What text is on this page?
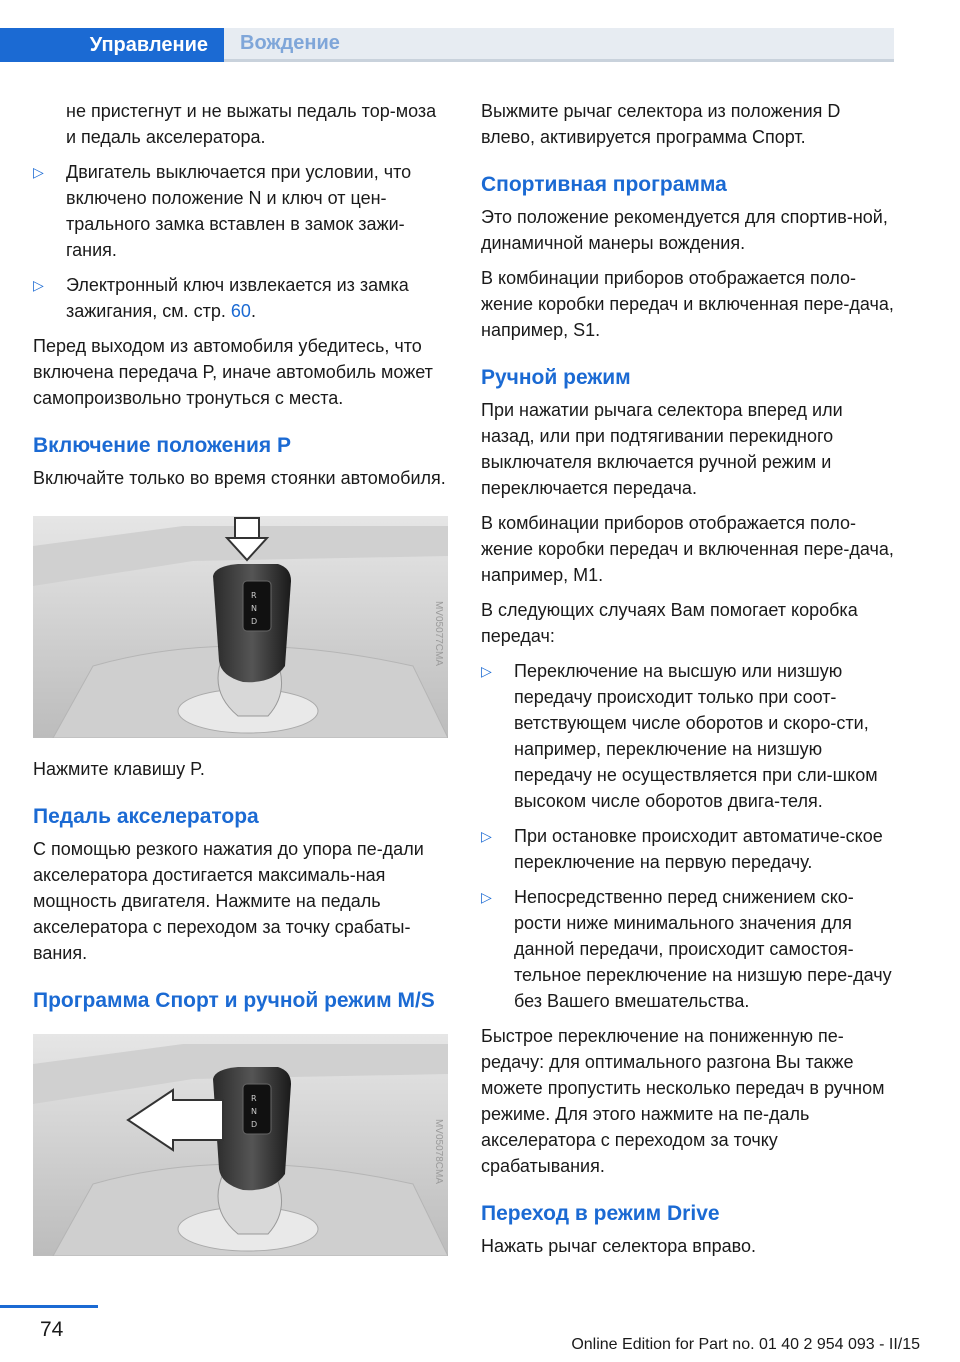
Управление	Вождение

не пристегнут и не выжаты педаль тор-моза и педаль акселератора.

▷ Двигатель выключается при условии, что включено положение N и ключ от цен-трального замка вставлен в замок зажи-гания.

▷ Электронный ключ извлекается из замка зажигания, см. стр. 60.

Перед выходом из автомобиля убедитесь, что включена передача P, иначе автомобиль может самопроизвольно тронуться с места.

Включение положения P

Включайте только во время стоянки автомобиля.

R
N
D	MV05077CMA

Нажмите клавишу P.

Педаль акселератора

С помощью резкого нажатия до упора пе-дали акселератора достигается максималь-ная мощность двигателя. Нажмите на педаль акселератора с переходом за точку срабаты-вания.

Программа Спорт и ручной режим M/S
R
N
D	MV05078CMA

Выжмите рычаг селектора из положения D влево, активируется программа Спорт.

Спортивная программа

Это положение рекомендуется для спортив-ной, динамичной манеры вождения.

В комбинации приборов отображается поло-жение коробки передач и включенная пере-дача, например, S1.

Ручной режим

При нажатии рычага селектора вперед или назад, или при подтягивании перекидного выключателя включается ручной режим и переключается передача.

В комбинации приборов отображается поло-жение коробки передач и включенная пере-дача, например, M1.

В следующих случаях Вам помогает коробка передач:

▷ Переключение на высшую или низшую передачу происходит только при соот-ветствующем числе оборотов и скоро-сти, например, переключение на низшую передачу не осуществляется при сли-шком высоком числе оборотов двига-теля.

▷ При остановке происходит автоматиче-ское переключение на первую передачу.

▷ Непосредственно перед снижением ско-рости ниже минимального значения для данной передачи, происходит самостоя-тельное переключение на низшую пере-дачу без Вашего вмешательства.

Быстрое переключение на пониженную пе-редачу: для оптимального разгона Вы также можете пропустить несколько передач в ручном режиме. Для этого нажмите на пе-даль акселератора с переходом за точку срабатывания.

Переход в режим Drive

Нажать рычаг селектора вправо.

74
Online Edition for Part no. 01 40 2 954 093 - II/15
